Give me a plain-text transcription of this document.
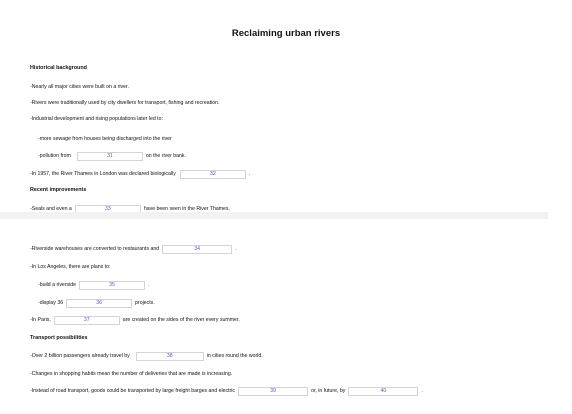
Reclaiming urban rivers
Historical background
-Nearly all major cities were built on a river.
-Rivers were traditionally used by city dwellers for transport, fishing and recreation.
-Industrial development and rising populations later led to:
-more sewage from houses being discharged into the river
-pollution from	31	on the river bank.
-In 1957, the River Thames in London was declared biologically	32	.
Recent improvements
-Seals and even a	33	have been seen in the River Thames.
-Riverside warehouses are converted to restaurants and	34	.
-In Los Angeles, there are plans to:
-build a riverside	35	.
-display 36	36	projects.
-In Paris,	37	are created on the sides of the river every summer.
Transport possibilities
-Over 2 billion passengers already travel by	38	in cities round the world.
-Changes in shopping habits mean the number of deliveries that are made is increasing.
-Instead of road transport, goods could be transported by large freight barges and electric	39	or, in future, by	40	.
